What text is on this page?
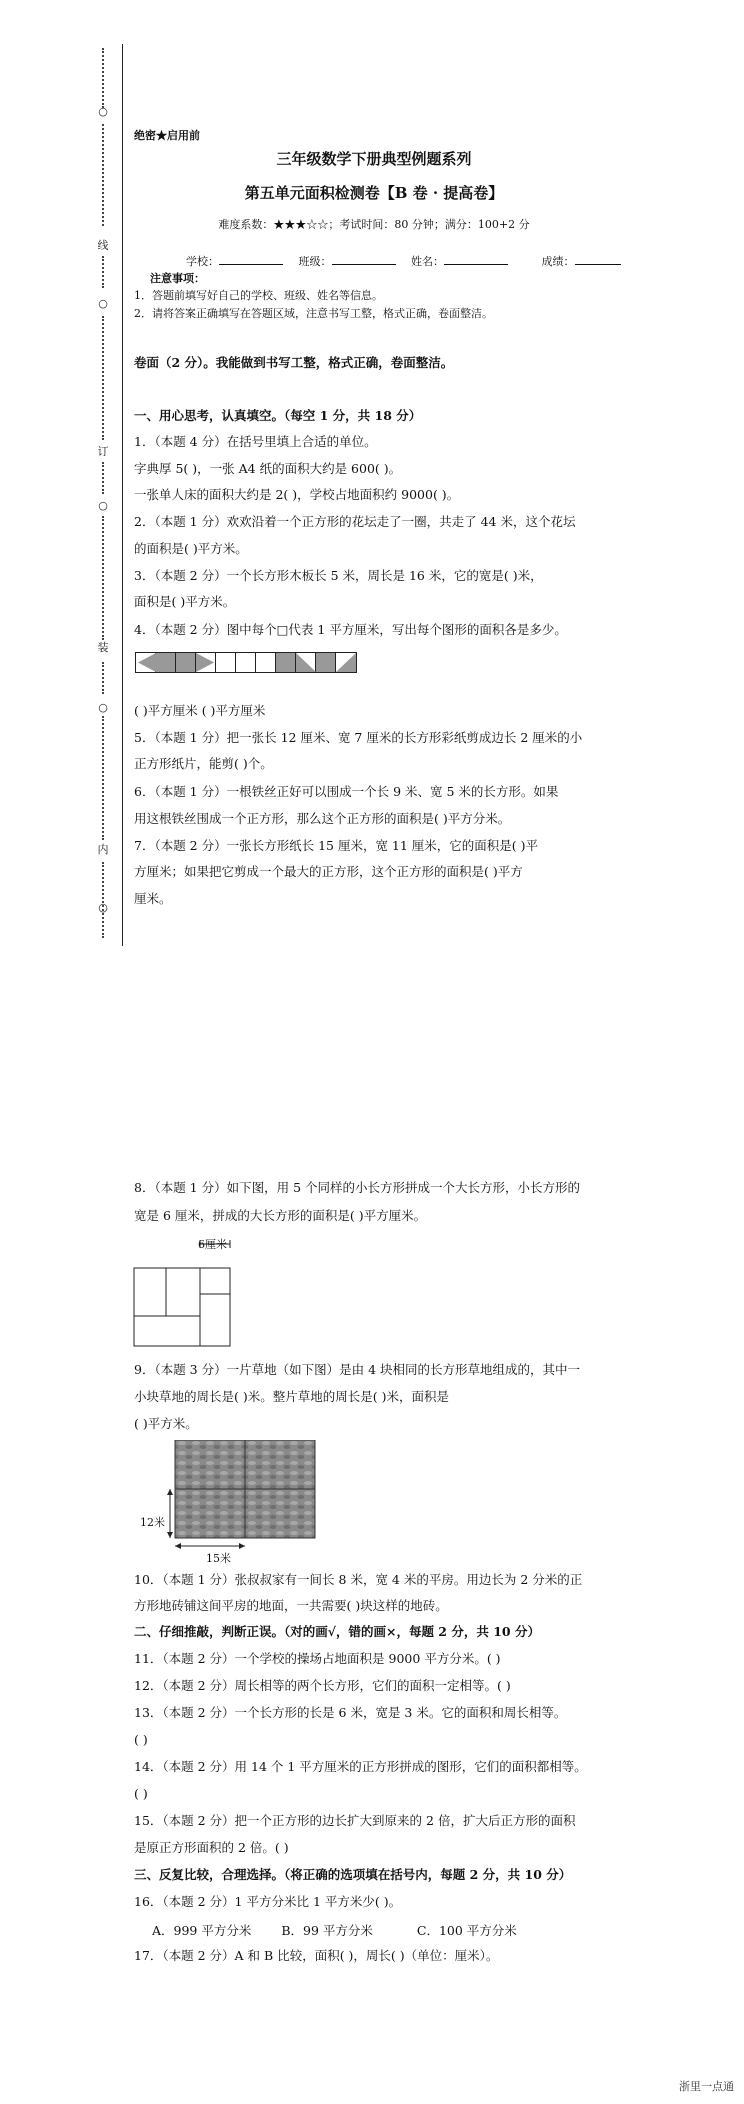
○
线
○
订
○
装
○
内
○
绝密★启用前
三年级数学下册典型例题系列
第五单元面积检测卷【B 卷 · 提高卷】
难度系数：★★★☆☆；考试时间：80 分钟；满分：100+2 分
学校：	班级：	姓名：	成绩：
注意事项：
1．答题前填写好自己的学校、班级、姓名等信息。
2．请将答案正确填写在答题区域，注意书写工整，格式正确，卷面整洁。
卷面（2 分）。我能做到书写工整，格式正确，卷面整洁。
一、用心思考，认真填空。（每空 1 分，共 18 分）
1．（本题 4 分）在括号里填上合适的单位。
字典厚 5( )，一张 A4 纸的面积大约是 600( )。
一张单人床的面积大约是 2( )，学校占地面积约 9000( )。
2．（本题 1 分）欢欢沿着一个正方形的花坛走了一圈，共走了 44 米，这个花坛
的面积是( )平方米。
3．（本题 2 分）一个长方形木板长 5 米，周长是 16 米，它的宽是( )米，
面积是( )平方米。
4．（本题 2 分）图中每个□代表 1 平方厘米，写出每个图形的面积各是多少。
( )平方厘米 ( )平方厘米
5．（本题 1 分）把一张长 12 厘米、宽 7 厘米的长方形彩纸剪成边长 2 厘米的小
正方形纸片，能剪( )个。
6．（本题 1 分）一根铁丝正好可以围成一个长 9 米、宽 5 米的长方形。如果
用这根铁丝围成一个正方形，那么这个正方形的面积是( )平方分米。
7．（本题 2 分）一张长方形纸长 15 厘米，宽 11 厘米，它的面积是( )平
方厘米；如果把它剪成一个最大的正方形，这个正方形的面积是( )平方
厘米。
8．（本题 1 分）如下图，用 5 个同样的小长方形拼成一个大长方形，小长方形的
宽是 6 厘米，拼成的大长方形的面积是( )平方厘米。
6厘米
9．（本题 3 分）一片草地（如下图）是由 4 块相同的长方形草地组成的，其中一
小块草地的周长是( )米。整片草地的周长是( )米，面积是
( )平方米。
12米
15米
10．（本题 1 分）张叔叔家有一间长 8 米，宽 4 米的平房。用边长为 2 分米的正
方形地砖铺这间平房的地面，一共需要( )块这样的地砖。
二、仔细推敲，判断正误。（对的画√，错的画×，每题 2 分，共 10 分）
11．（本题 2 分）一个学校的操场占地面积是 9000 平方分米。( )
12．（本题 2 分）周长相等的两个长方形，它们的面积一定相等。( )
13．（本题 2 分）一个长方形的长是 6 米，宽是 3 米。它的面积和周长相等。
( )
14．（本题 2 分）用 14 个 1 平方厘米的正方形拼成的图形，它们的面积都相等。
( )
15．（本题 2 分）把一个正方形的边长扩大到原来的 2 倍，扩大后正方形的面积
是原正方形面积的 2 倍。( )
三、反复比较，合理选择。（将正确的选项填在括号内，每题 2 分，共 10 分）
16．（本题 2 分）1 平方分米比 1 平方米少( )。
A．999 平方分米 B．99 平方分米	C．100 平方分米
17．（本题 2 分）A 和 B 比较，面积( )，周长( )（单位：厘米）。
浙里一点通
